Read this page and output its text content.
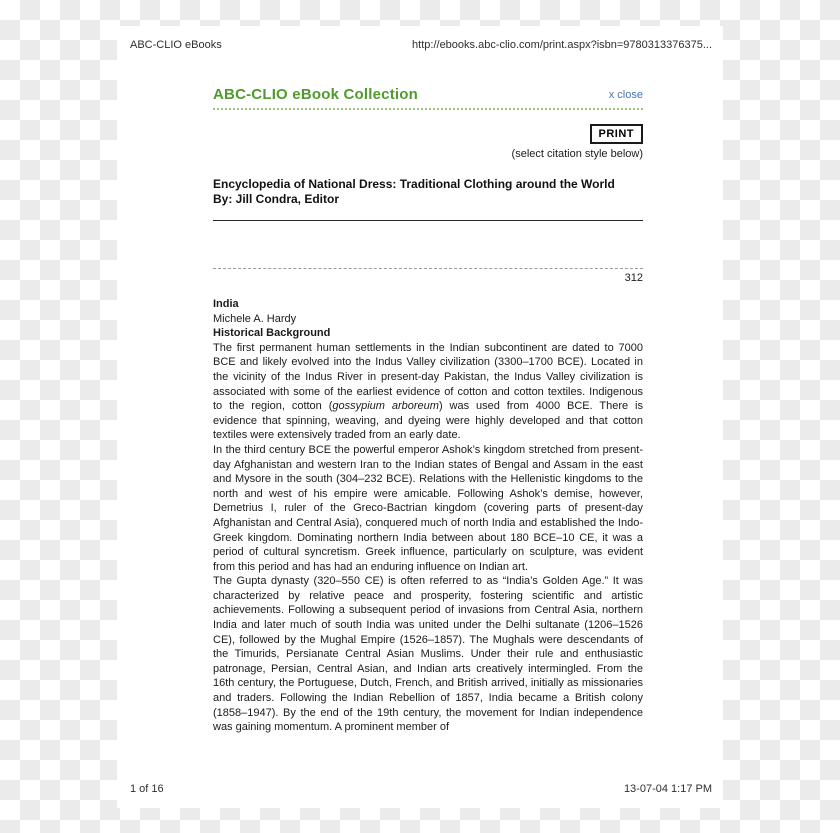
ABC-CLIO eBooks	http://ebooks.abc-clio.com/print.aspx?isbn=9780313376375...
ABC-CLIO eBook Collection	x close
PRINT
(select citation style below)
Encyclopedia of National Dress: Traditional Clothing around the World
By: Jill Condra, Editor
312
India
Michele A. Hardy
Historical Background

The first permanent human settlements in the Indian subcontinent are dated to 7000 BCE and likely evolved into the Indus Valley civilization (3300–1700 BCE). Located in the vicinity of the Indus River in present-day Pakistan, the Indus Valley civilization is associated with some of the earliest evidence of cotton and cotton textiles. Indigenous to the region, cotton (gossypium arboreum) was used from 4000 BCE. There is evidence that spinning, weaving, and dyeing were highly developed and that cotton textiles were extensively traded from an early date.

In the third century BCE the powerful emperor Ashok’s kingdom stretched from present-day Afghanistan and western Iran to the Indian states of Bengal and Assam in the east and Mysore in the south (304–232 BCE). Relations with the Hellenistic kingdoms to the north and west of his empire were amicable. Following Ashok’s demise, however, Demetrius I, ruler of the Greco-Bactrian kingdom (covering parts of present-day Afghanistan and Central Asia), conquered much of north India and established the Indo-Greek kingdom. Dominating northern India between about 180 BCE–10 CE, it was a period of cultural syncretism. Greek influence, particularly on sculpture, was evident from this period and has had an enduring influence on Indian art.

The Gupta dynasty (320–550 CE) is often referred to as “India’s Golden Age.” It was characterized by relative peace and prosperity, fostering scientific and artistic achievements. Following a subsequent period of invasions from Central Asia, northern India and later much of south India was united under the Delhi sultanate (1206–1526 CE), followed by the Mughal Empire (1526–1857). The Mughals were descendants of the Timurids, Persianate Central Asian Muslims. Under their rule and enthusiastic patronage, Persian, Central Asian, and Indian arts creatively intermingled. From the 16th century, the Portuguese, Dutch, French, and British arrived, initially as missionaries and traders. Following the Indian Rebellion of 1857, India became a British colony (1858–1947). By the end of the 19th century, the movement for Indian independence was gaining momentum. A prominent member of

1 of 16	13-07-04 1:17 PM
